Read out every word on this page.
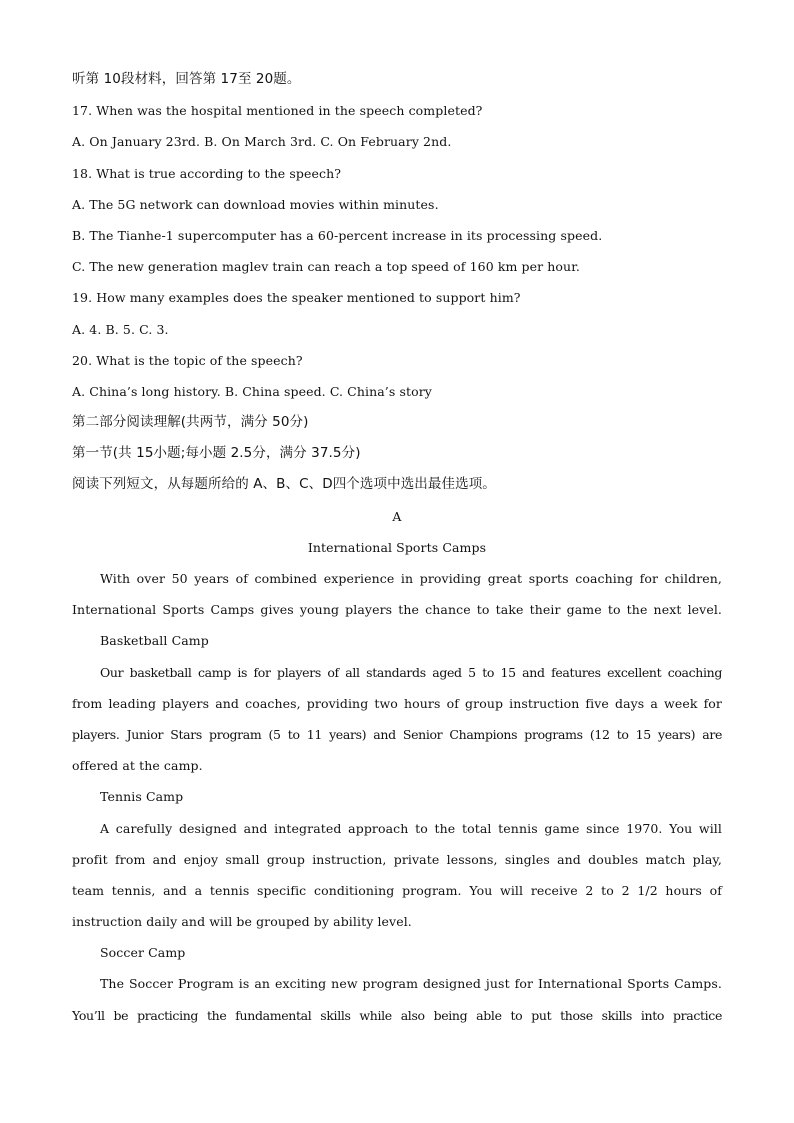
听第 10段材料，回答第 17至 20题。
17. When was the hospital mentioned in the speech completed?
A. On January 23rd. B. On March 3rd. C. On February 2nd.
18. What is true according to the speech?
A. The 5G network can download movies within minutes.
B. The Tianhe-1 supercomputer has a 60-percent increase in its processing speed.
C. The new generation maglev train can reach a top speed of 160 km per hour.
19. How many examples does the speaker mentioned to support him?
A. 4. B. 5. C. 3.
20. What is the topic of the speech?
A. China’s long history. B. China speed. C. China’s story
第二部分阅读理解(共两节，满分 50分)
第一节(共 15小题;每小题 2.5分，满分 37.5分)
阅读下列短文，从每题所给的 A、B、C、D四个选项中选出最佳选项。
A
International Sports Camps
With over 50 years of combined experience in providing great sports coaching for children,
International Sports Camps gives young players the chance to take their game to the next level.
Basketball Camp
Our basketball camp is for players of all standards aged 5 to 15 and features excellent coaching
from leading players and coaches, providing two hours of group instruction five days a week for
players. Junior Stars program (5 to 11 years) and Senior Champions programs (12 to 15 years) are
offered at the camp.
Tennis Camp
A carefully designed and integrated approach to the total tennis game since 1970. You will
profit from and enjoy small group instruction, private lessons, singles and doubles match play,
team tennis, and a tennis specific conditioning program. You will receive 2 to 2 1/2 hours of
instruction daily and will be grouped by ability level.
Soccer Camp
The Soccer Program is an exciting new program designed just for International Sports Camps.
You’ll be practicing the fundamental skills while also being able to put those skills into practice
